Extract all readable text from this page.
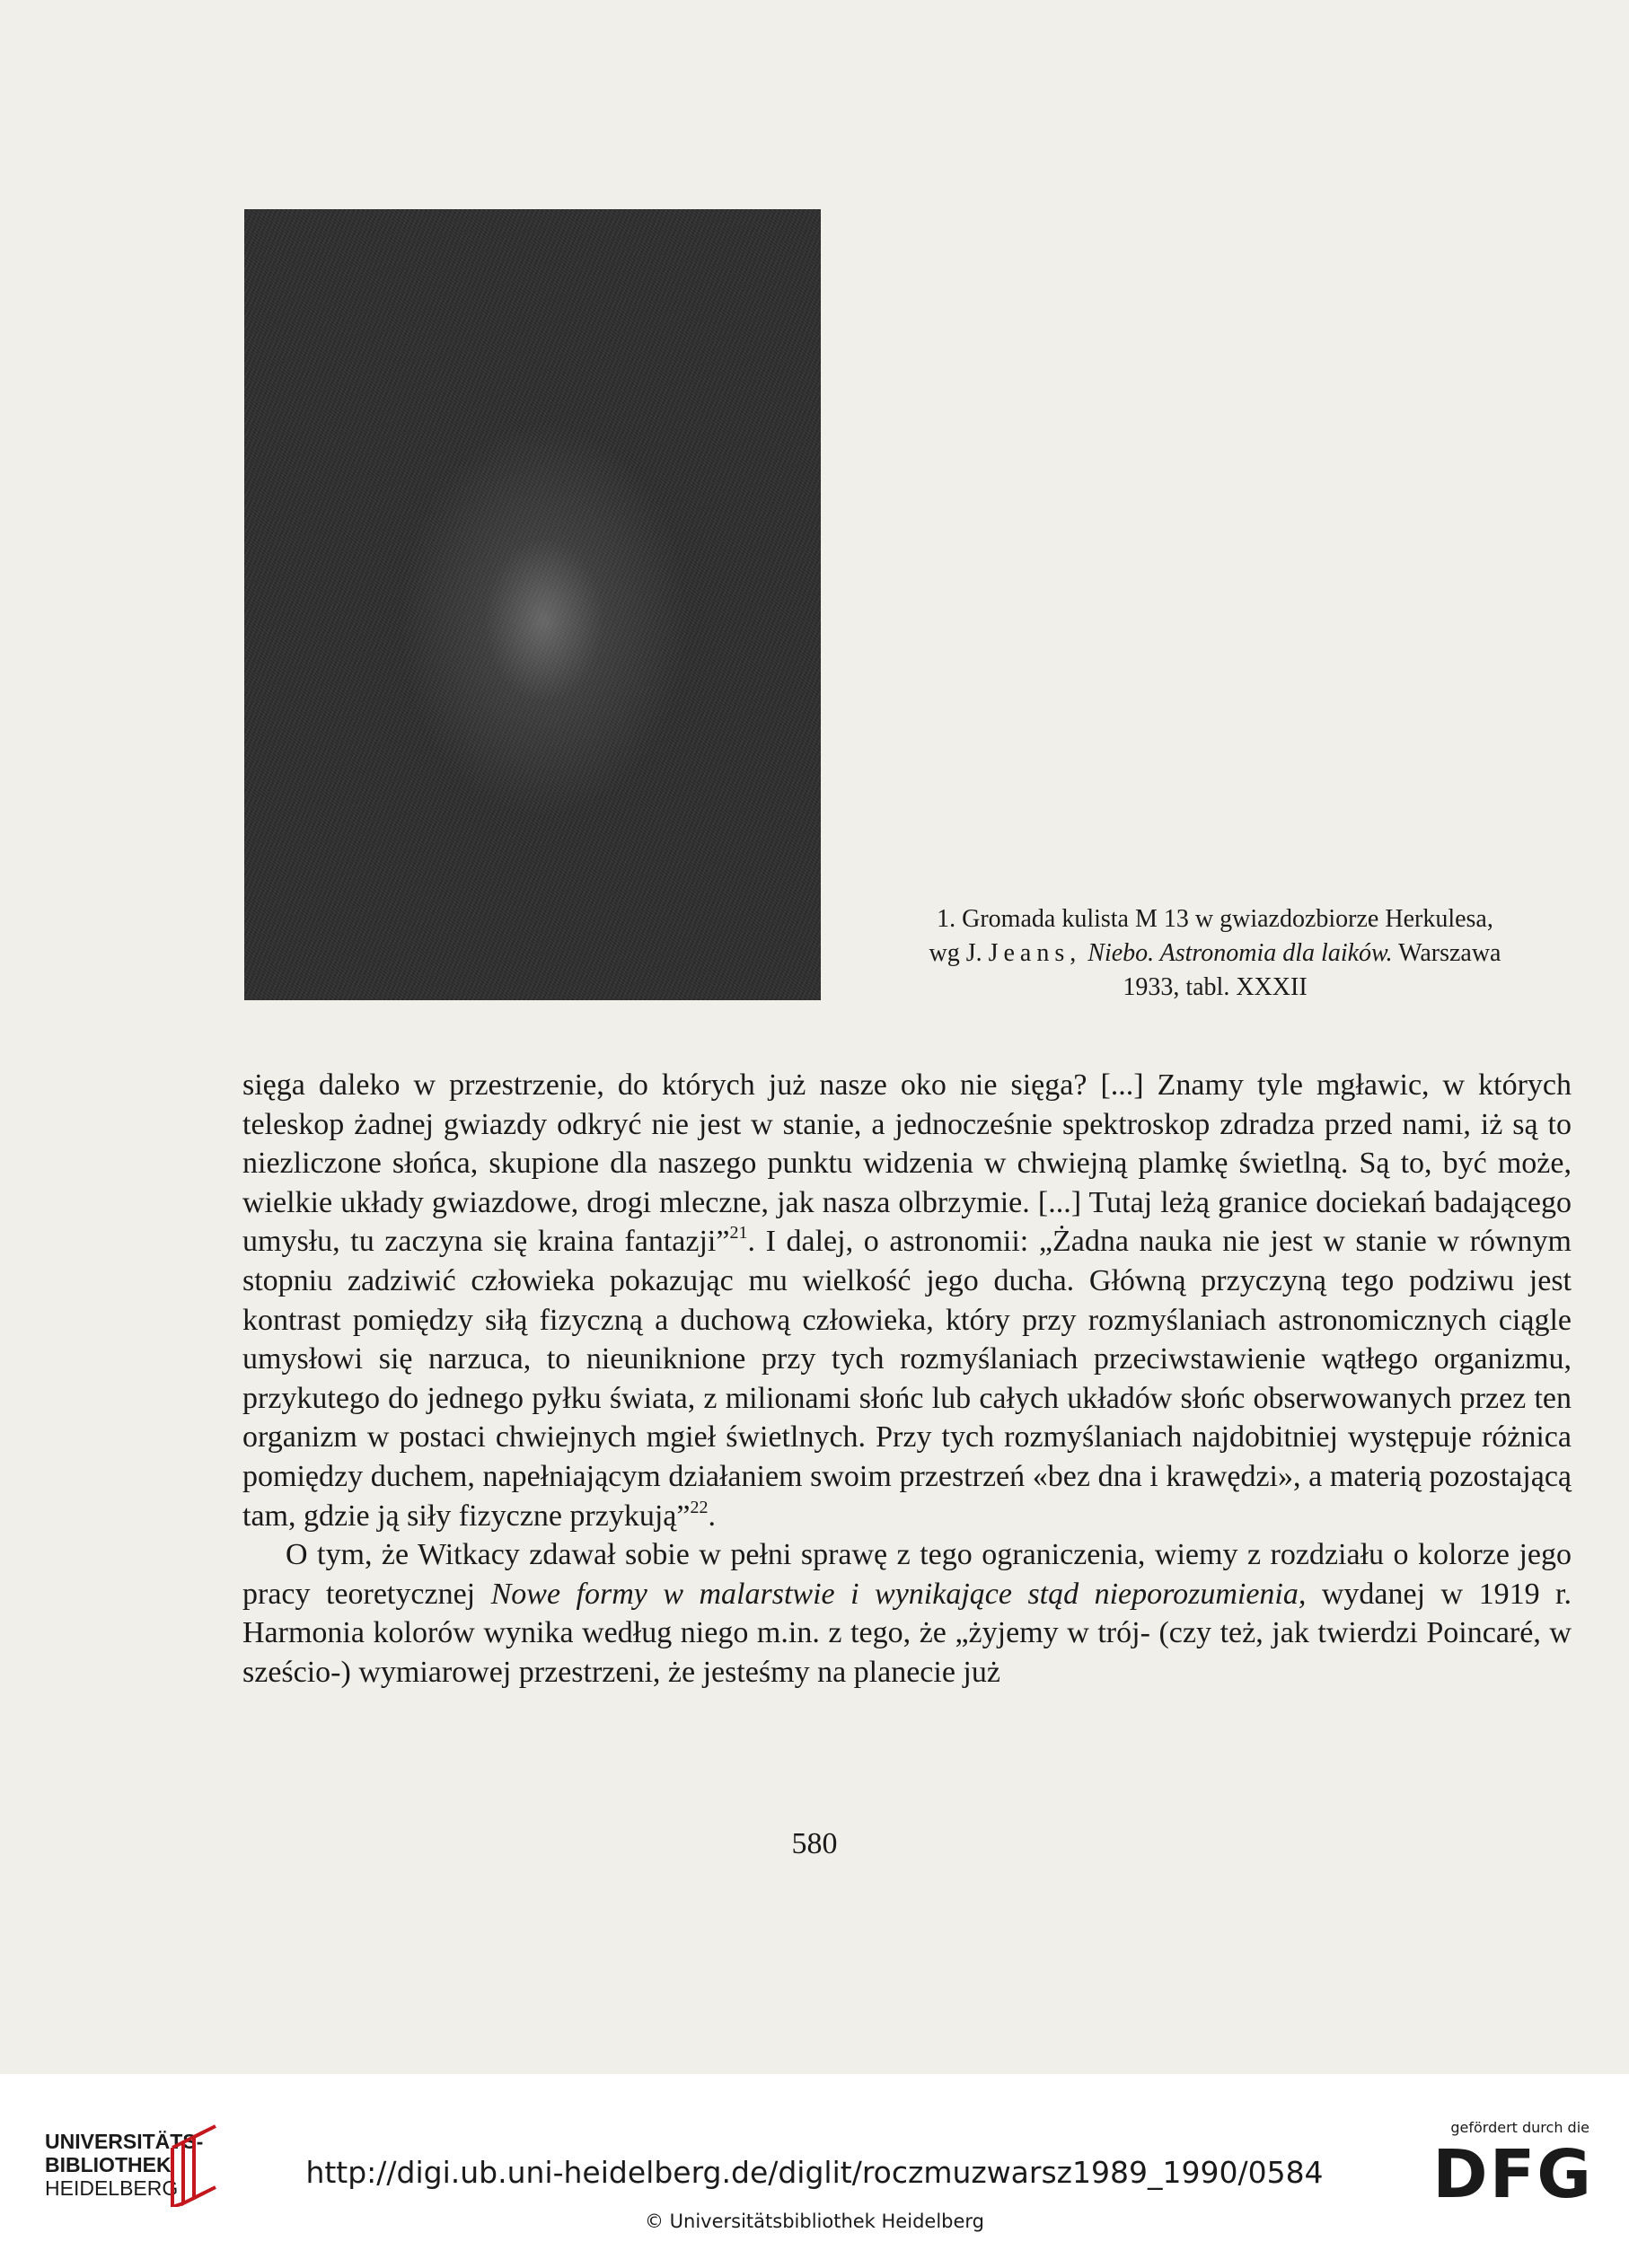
1. Gromada kulista M 13 w gwiazdozbiorze Herkulesa,
wg J. Jeans, Niebo. Astronomia dla laików. Warszawa
1933, tabl. XXXII

sięga daleko w przestrzenie, do których już nasze oko nie sięga? [...] Znamy tyle mgławic, w których teleskop żadnej gwiazdy odkryć nie jest w stanie, a jednocześnie spektroskop zdradza przed nami, iż są to niezliczone słońca, skupione dla naszego punktu widzenia w chwiejną plamkę świetlną. Są to, być może, wielkie układy gwiazdowe, drogi mleczne, jak nasza olbrzymie. [...] Tutaj leżą granice dociekań badającego umysłu, tu zaczyna się kraina fantazji”$^{21}$. I dalej, o astronomii: „Żadna nauka nie jest w stanie w równym stopniu zadziwić człowieka pokazując mu wielkość jego ducha. Główną przyczyną tego podziwu jest kontrast pomiędzy siłą fizyczną a duchową człowieka, który przy rozmyślaniach astronomicznych ciągle umysłowi się narzuca, to nieuniknione przy tych rozmyślaniach przeciwstawienie wątłego organizmu, przykutego do jednego pyłku świata, z milionami słońc lub całych układów słońc obserwowanych przez ten organizm w postaci chwiejnych mgieł świetlnych. Przy tych rozmyślaniach najdobitniej występuje różnica pomiędzy duchem, napełniającym działaniem swoim przestrzeń «bez dna i krawędzi», a materią pozostającą tam, gdzie ją siły fizyczne przykują”$^{22}$.

O tym, że Witkacy zdawał sobie w pełni sprawę z tego ograniczenia, wiemy z rozdziału o kolorze jego pracy teoretycznej Nowe formy w malarstwie i wynikające stąd nieporozumienia, wydanej w 1919 r. Harmonia kolorów wynika według niego m.in. z tego, że „żyjemy w trój- (czy też, jak twierdzi Poincaré, w sześcio-) wymiarowej przestrzeni, że jesteśmy na planecie już

580
UNIVERSITÄTS-
BIBLIOTHEK
HEIDELBERG	http://digi.ub.uni-heidelberg.de/diglit/roczmuzwarsz1989_1990/0584
© Universitätsbibliothek Heidelberg
gefördert durch die
DFG
